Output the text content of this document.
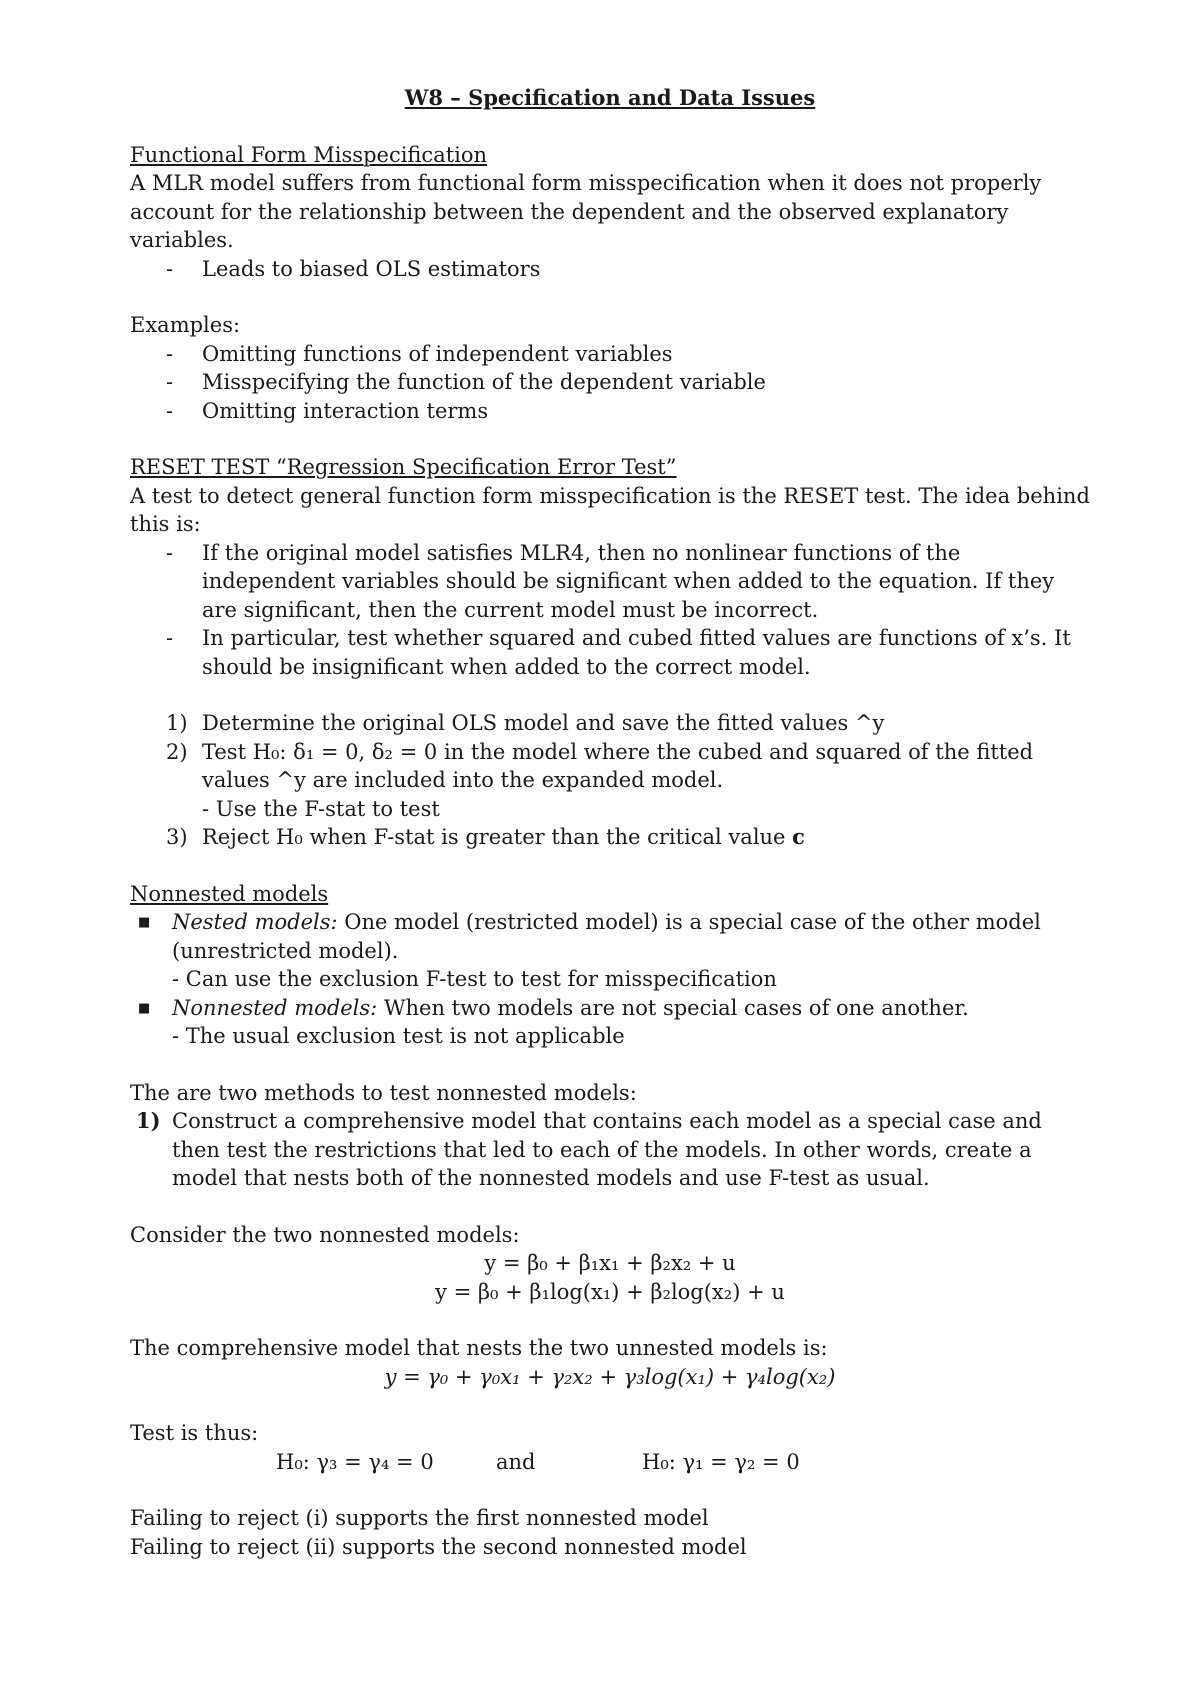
W8 – Specification and Data Issues

Functional Form Misspecification

A MLR model suffers from functional form misspecification when it does not properly account for the relationship between the dependent and the observed explanatory variables.

- Leads to biased OLS estimators

Examples:

- Omitting functions of independent variables
- Misspecifying the function of the dependent variable
- Omitting interaction terms

RESET TEST “Regression Specification Error Test”

A test to detect general function form misspecification is the RESET test. The idea behind this is:

- If the original model satisfies MLR4, then no nonlinear functions of the independent variables should be significant when added to the equation. If they are significant, then the current model must be incorrect.
- In particular, test whether squared and cubed fitted values are functions of x’s. It should be insignificant when added to the correct model.
1) Determine the original OLS model and save the fitted values ^y
2) Test H₀: δ₁ = 0, δ₂ = 0 in the model where the cubed and squared of the fitted values ^y are included into the expanded model.
- Use the F-stat to test
3) Reject H₀ when F-stat is greater than the critical value c

Nonnested models

■ Nested models: One model (restricted model) is a special case of the other model (unrestricted model).
- Can use the exclusion F-test to test for misspecification
■ Nonnested models: When two models are not special cases of one another.
- The usual exclusion test is not applicable

The are two methods to test nonnested models:

1) Construct a comprehensive model that contains each model as a special case and then test the restrictions that led to each of the models. In other words, create a model that nests both of the nonnested models and use F-test as usual.

Consider the two nonnested models:

y = β₀ + β₁x₁ + β₂x₂ + u

y = β₀ + β₁log(x₁) + β₂log(x₂) + u

The comprehensive model that nests the two unnested models is:

y = γ₀ + γ₀x₁ + γ₂x₂ + γ₃log(x₁) + γ₄log(x₂)

Test is thus:

H₀: γ₃ = γ₄ = 0	and	H₀: γ₁ = γ₂ = 0

Failing to reject (i) supports the first nonnested model

Failing to reject (ii) supports the second nonnested model
